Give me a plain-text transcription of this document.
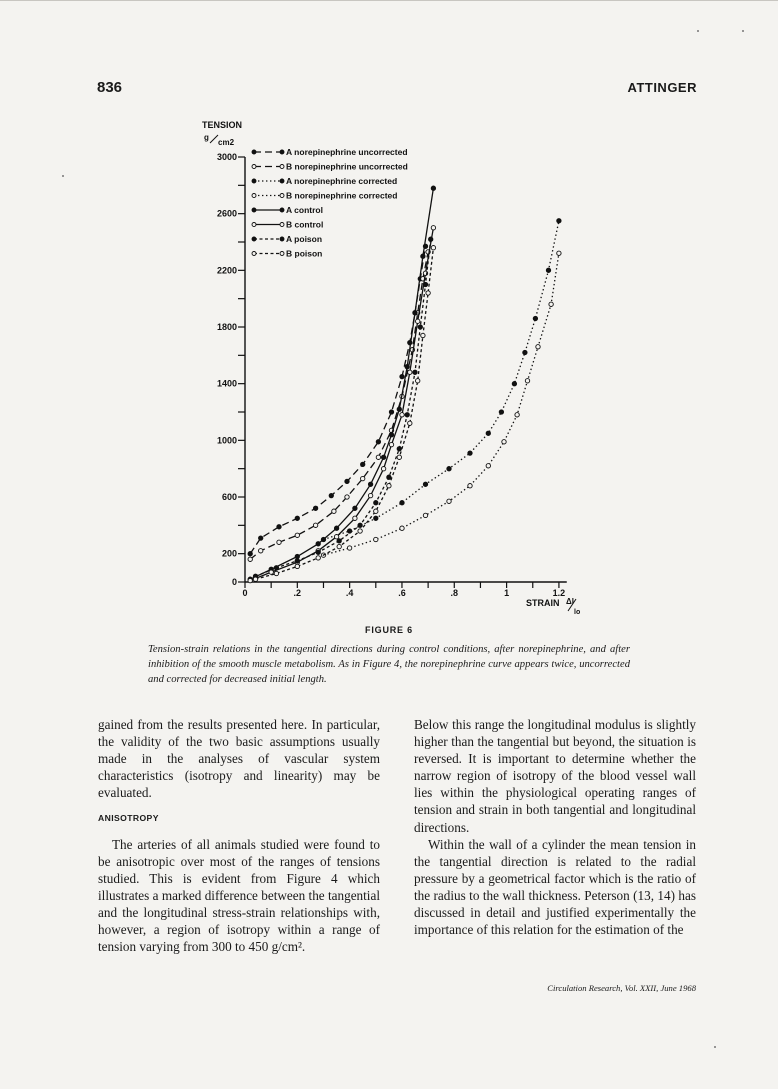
836	ATTINGER
0
200
600
1000
1400
1800
2200
2600
3000
0	.2	.4	.6	.8	1	1.2
TENSION
g
cm2
STRAIN Δl
lo
A norepinephrine uncorrected
B norepinephrine uncorrected
A norepinephrine corrected
B norepinephrine corrected
A control
B control
A poison
B poison
FIGURE 6
Tension-strain relations in the tangential directions during control conditions, after norepinephrine, and after inhibition of the smooth muscle metabolism. As in Figure 4, the norepinephrine curve appears twice, uncorrected and corrected for decreased initial length.

gained from the results presented here. In particular, the validity of the two basic assumptions usually made in the analyses of vascular system characteristics (isotropy and linearity) may be evaluated.

ANISOTROPY

The arteries of all animals studied were found to be anisotropic over most of the ranges of tensions studied. This is evident from Figure 4 which illustrates a marked difference between the tangential and the longitudinal stress-strain relationships with, however, a region of isotropy within a range of tension varying from 300 to 450 g/cm².

Below this range the longitudinal modulus is slightly higher than the tangential but beyond, the situation is reversed. It is important to determine whether the narrow region of isotropy of the blood vessel wall lies within the physiological operating ranges of tension and strain in both tangential and longitudinal directions.

Within the wall of a cylinder the mean tension in the tangential direction is related to the radial pressure by a geometrical factor which is the ratio of the radius to the wall thickness. Peterson (13, 14) has discussed in detail and justified experimentally the importance of this relation for the estimation of the

Circulation Research, Vol. XXII, June 1968
